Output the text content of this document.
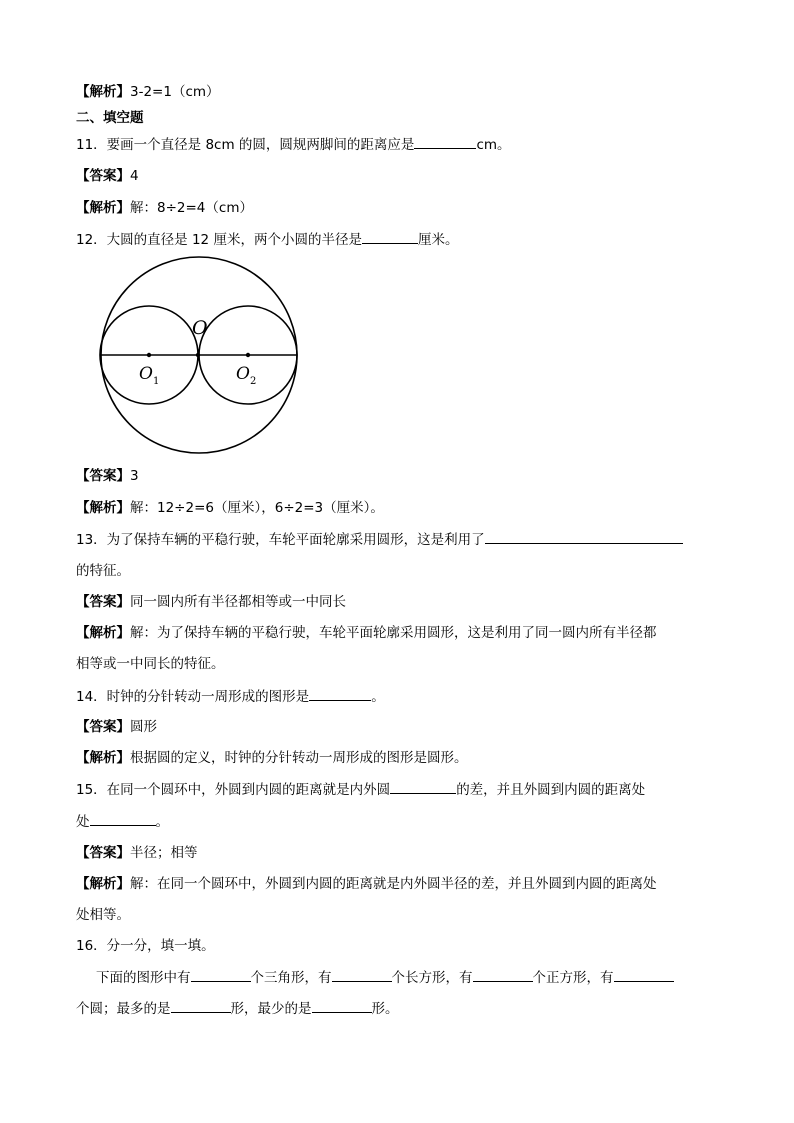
【解析】3-2=1（cm）
二、填空题
11．要画一个直径是 8cm 的圆，圆规两脚间的距离应是	cm。
【答案】4
【解析】解：8÷2=4（cm）
12．大圆的直径是 12 厘米，两个小圆的半径是	厘米。
O
O 1	O 2
【答案】3
【解析】解：12÷2=6（厘米），6÷2=3（厘米）。
13．为了保持车辆的平稳行驶，车轮平面轮廓采用圆形，这是利用了
的特征。
【答案】同一圆内所有半径都相等或一中同长
【解析】解：为了保持车辆的平稳行驶，车轮平面轮廓采用圆形，这是利用了同一圆内所有半径都
相等或一中同长的特征。
14．时钟的分针转动一周形成的图形是	。
【答案】圆形
【解析】根据圆的定义，时钟的分针转动一周形成的图形是圆形。
15．在同一个圆环中，外圆到内圆的距离就是内外圆	的差，并且外圆到内圆的距离处
处	。
【答案】半径；相等
【解析】解：在同一个圆环中，外圆到内圆的距离就是内外圆半径的差，并且外圆到内圆的距离处
处相等。
16．分一分，填一填。
下面的图形中有	个三角形，有	个长方形，有	个正方形，有
个圆；最多的是	形，最少的是	形。
